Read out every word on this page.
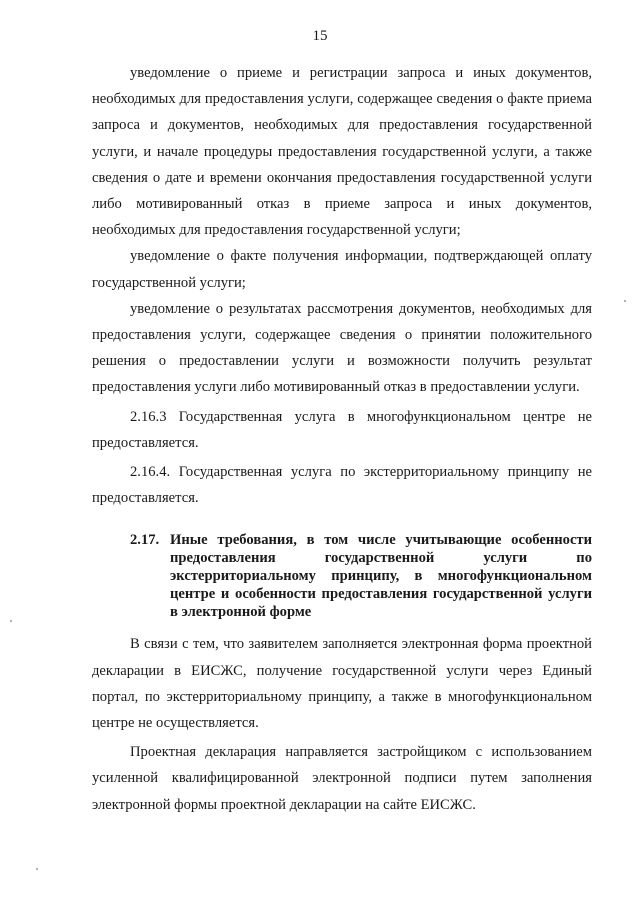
15

уведомление о приеме и регистрации запроса и иных документов, необходимых для предоставления услуги, содержащее сведения о факте приема запроса и документов, необходимых для предоставления государственной услуги, и начале процедуры предоставления государственной услуги, а также сведения о дате и времени окончания предоставления государственной услуги либо мотивированный отказ в приеме запроса и иных документов, необходимых для предоставления государственной услуги;

уведомление о факте получения информации, подтверждающей оплату государственной услуги;

уведомление о результатах рассмотрения документов, необходимых для предоставления услуги, содержащее сведения о принятии положительного решения о предоставлении услуги и возможности получить результат предоставления услуги либо мотивированный отказ в предоставлении услуги.

2.16.3 Государственная услуга в многофункциональном центре не предоставляется.

2.16.4. Государственная услуга по экстерриториальному принципу не предоставляется.

2.17. Иные требования, в том числе учитывающие особенности предоставления государственной услуги по экстерриториальному принципу, в многофункциональном центре и особенности предоставления государственной услуги в электронной форме

В связи с тем, что заявителем заполняется электронная форма проектной декларации в ЕИСЖС, получение государственной услуги через Единый портал, по экстерриториальному принципу, а также в многофункциональном центре не осуществляется.

Проектная декларация направляется застройщиком с использованием усиленной квалифицированной электронной подписи путем заполнения электронной формы проектной декларации на сайте ЕИСЖС.
